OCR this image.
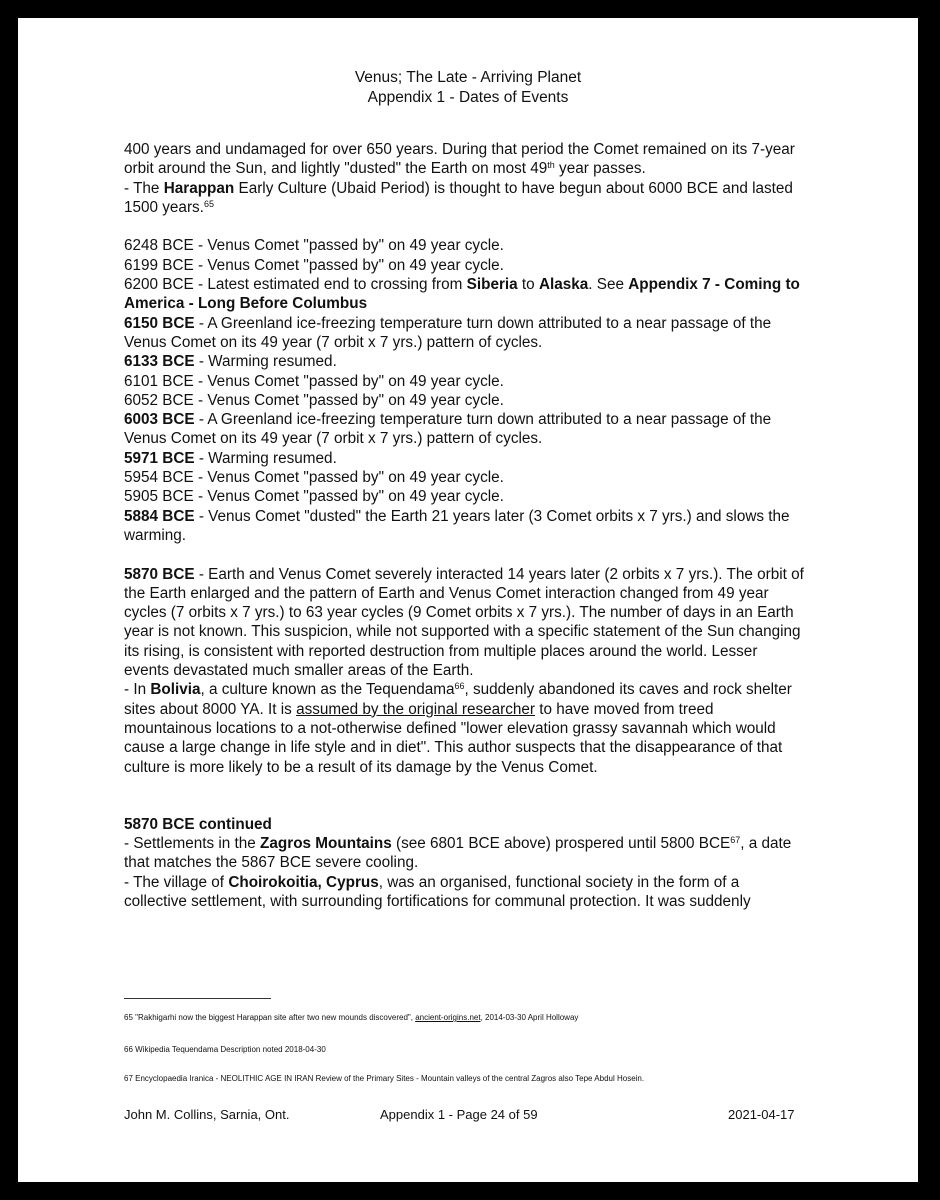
Venus; The Late - Arriving Planet
Appendix 1 - Dates of Events

400 years and undamaged for over 650 years. During that period the Comet remained on its 7-year orbit around the Sun, and lightly "dusted" the Earth on most 49th year passes.

- The Harappan Early Culture (Ubaid Period) is thought to have begun about 6000 BCE and lasted 1500 years.$^{65}$

6248 BCE - Venus Comet "passed by" on 49 year cycle.

6199 BCE - Venus Comet "passed by" on 49 year cycle.

6200 BCE - Latest estimated end to crossing from Siberia to Alaska. See Appendix 7 - Coming to America - Long Before Columbus

6150 BCE - A Greenland ice-freezing temperature turn down attributed to a near passage of the Venus Comet on its 49 year (7 orbit x 7 yrs.) pattern of cycles.

6133 BCE - Warming resumed.

6101 BCE - Venus Comet "passed by" on 49 year cycle.

6052 BCE - Venus Comet "passed by" on 49 year cycle.

6003 BCE - A Greenland ice-freezing temperature turn down attributed to a near passage of the Venus Comet on its 49 year (7 orbit x 7 yrs.) pattern of cycles.

5971 BCE - Warming resumed.

5954 BCE - Venus Comet "passed by" on 49 year cycle.

5905 BCE - Venus Comet "passed by" on 49 year cycle.

5884 BCE - Venus Comet "dusted" the Earth 21 years later (3 Comet orbits x 7 yrs.) and slows the warming.

5870 BCE - Earth and Venus Comet severely interacted 14 years later (2 orbits x 7 yrs.). The orbit of the Earth enlarged and the pattern of Earth and Venus Comet interaction changed from 49 year cycles (7 orbits x 7 yrs.) to 63 year cycles (9 Comet orbits x 7 yrs.). The number of days in an Earth year is not known. This suspicion, while not supported with a specific statement of the Sun changing its rising, is consistent with reported destruction from multiple places around the world. Lesser events devastated much smaller areas of the Earth.

- In Bolivia, a culture known as the Tequendama$^{66}$, suddenly abandoned its caves and rock shelter sites about 8000 YA. It is assumed by the original researcher to have moved from treed mountainous locations to a not-otherwise defined "lower elevation grassy savannah which would cause a large change in life style and in diet". This author suspects that the disappearance of that culture is more likely to be a result of its damage by the Venus Comet.

5870 BCE continued

- Settlements in the Zagros Mountains (see 6801 BCE above) prospered until 5800 BCE$^{67}$, a date that matches the 5867 BCE severe cooling.

- The village of Choirokoitia, Cyprus, was an organised, functional society in the form of a collective settlement, with surrounding fortifications for communal protection. It was suddenly

65 "Rakhigarhi now the biggest Harappan site after two new mounds discovered", ancient-origins.net, 2014-03-30 April Holloway
66 Wikipedia Tequendama Description noted 2018-04-30
67 Encyclopaedia Iranica - NEOLITHIC AGE IN IRAN Review of the Primary Sites - Mountain valleys of the central Zagros also Tepe Abdul Hosein.
John M. Collins, Sarnia, Ont.	Appendix 1 - Page 24 of 59	2021-04-17
